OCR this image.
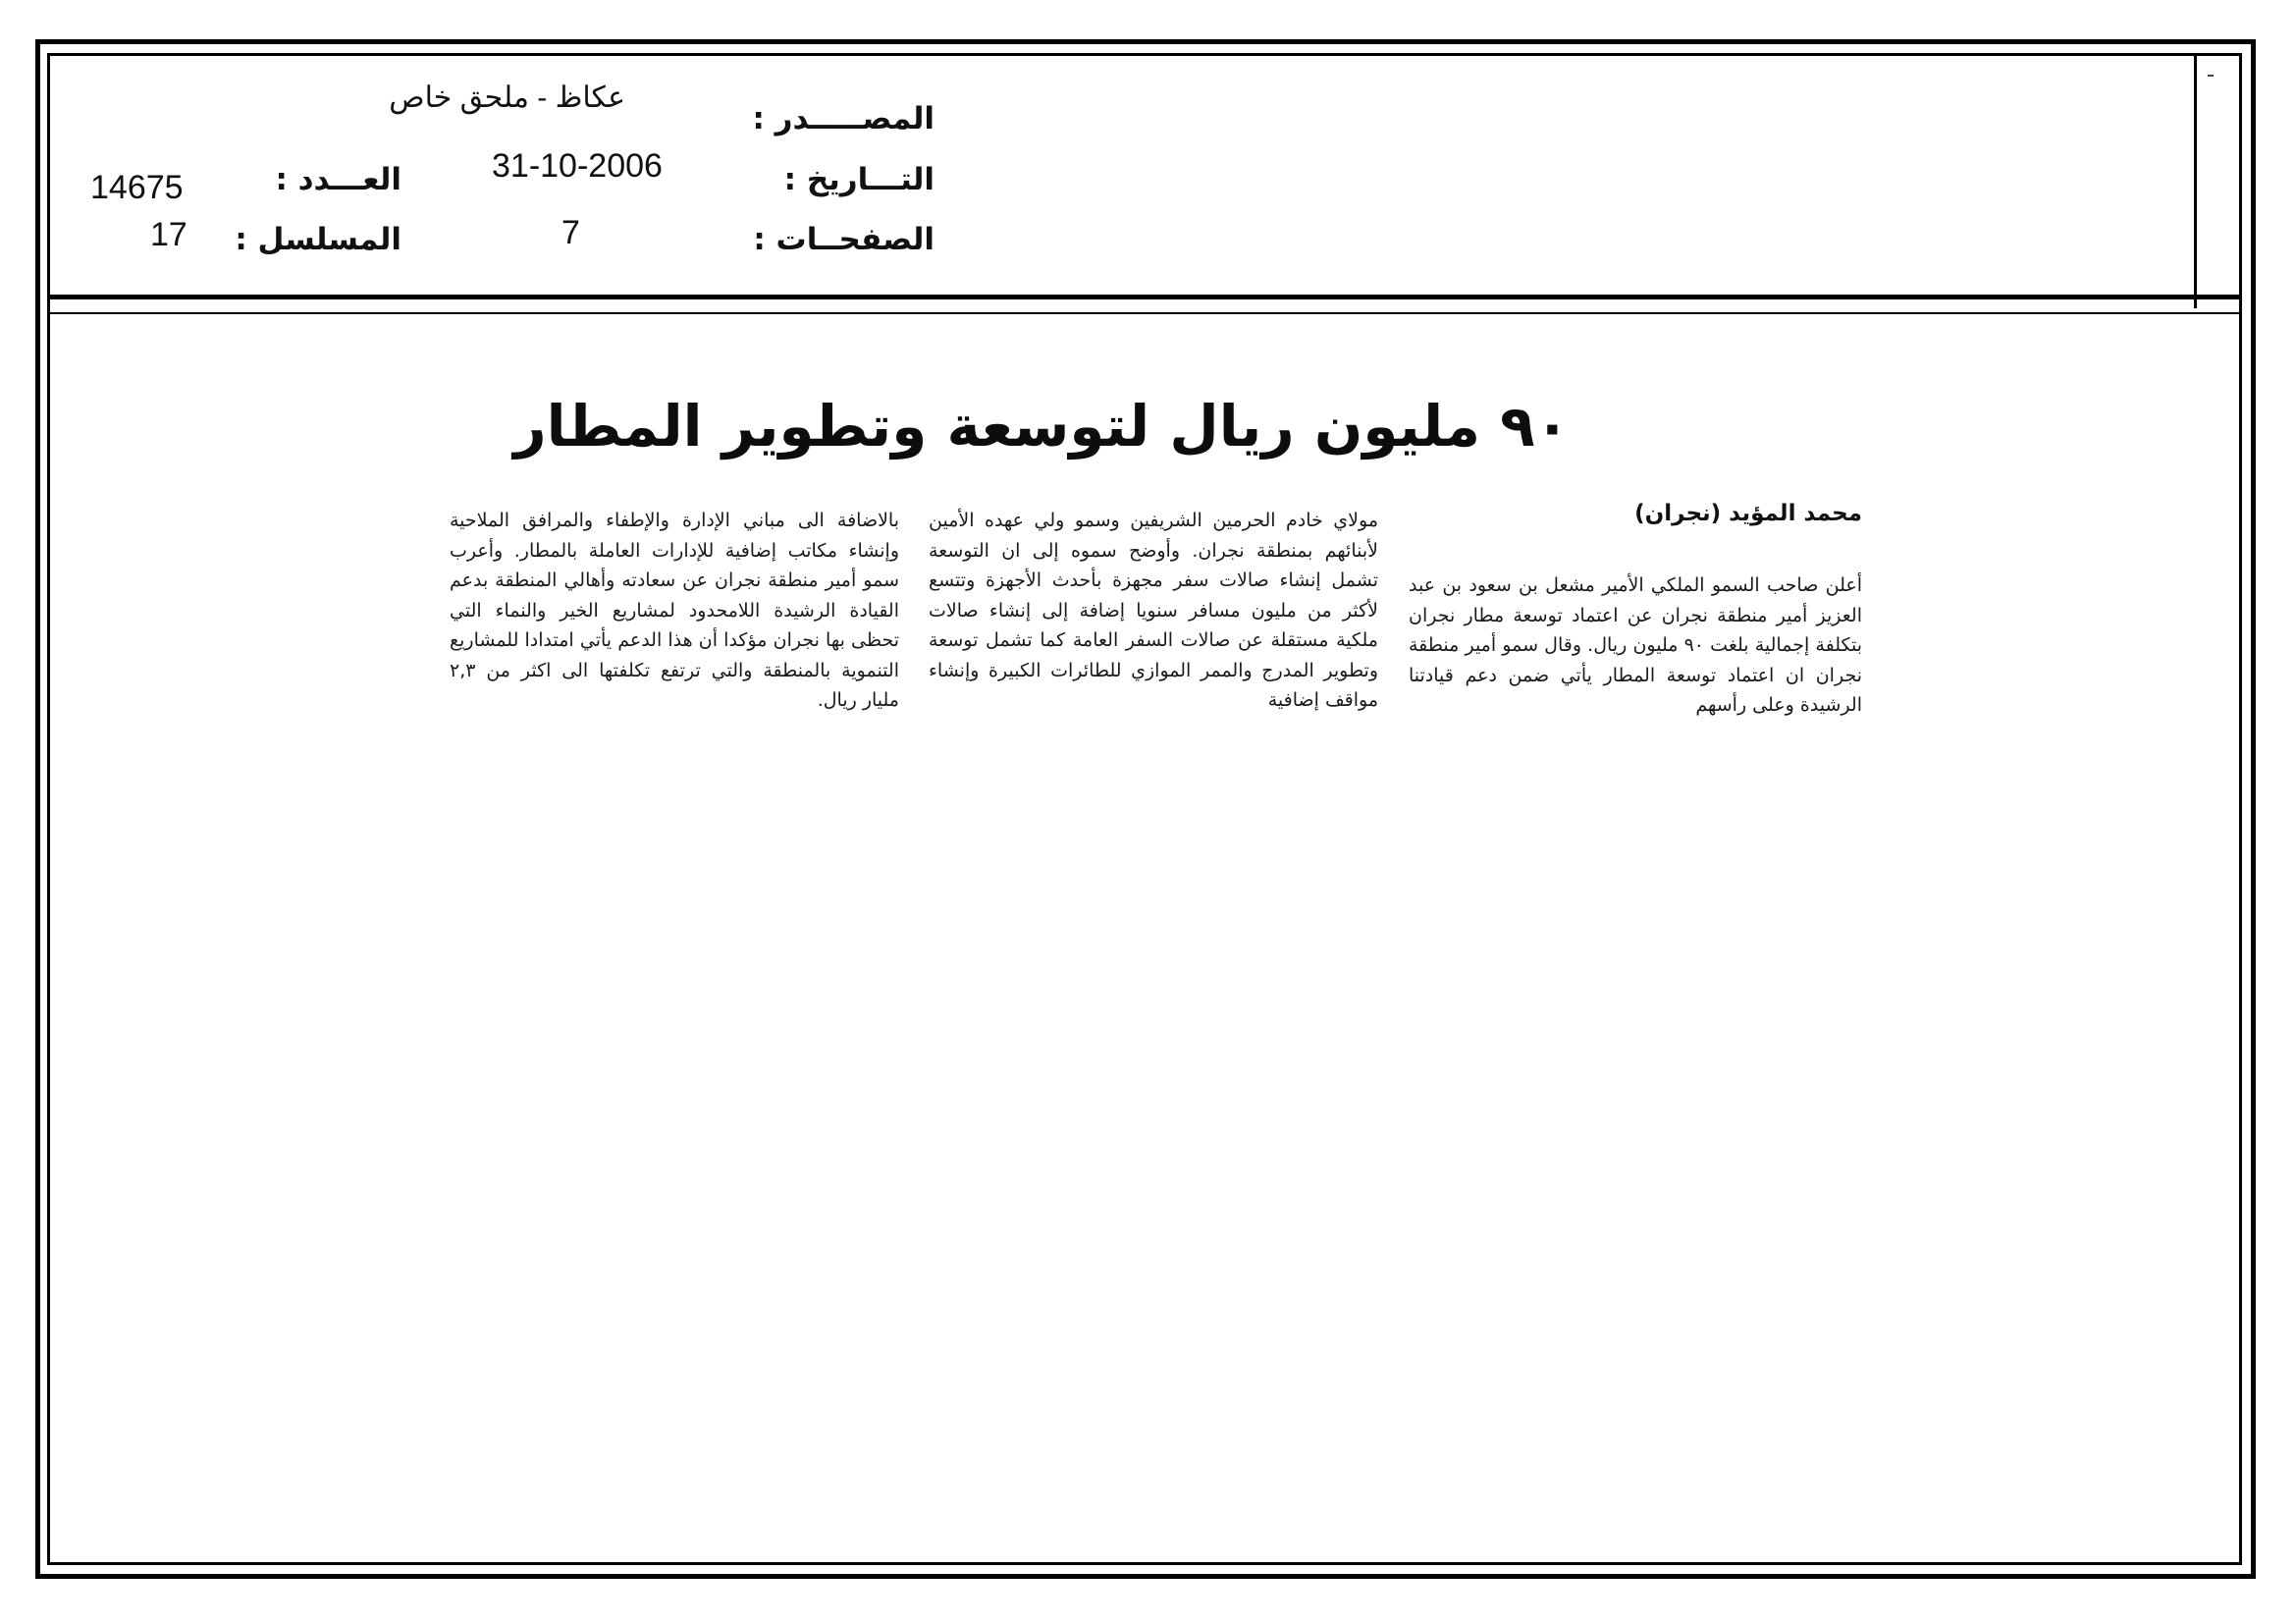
المصـــــدر :
عكاظ - ملحق خاص
التـــاريخ :
31-10-2006
الصفحــات :
7
العـــدد :
14675
المسلسل :
17
٩٠ مليون ريال لتوسعة وتطوير المطار
محمد المؤيد (نجران)

أعلن صاحب السمو الملكي الأمير مشعل بن سعود بن عبد العزيز أمير منطقة نجران عن اعتماد توسعة مطار نجران بتكلفة إجمالية بلغت ٩٠ مليون ريال. وقال سمو أمير منطقة نجران ان اعتماد توسعة المطار يأتي ضمن دعم قيادتنا الرشيدة وعلى رأسهم

مولاي خادم الحرمين الشريفين وسمو ولي عهده الأمين لأبنائهم بمنطقة نجران. وأوضح سموه إلى ان التوسعة تشمل إنشاء صالات سفر مجهزة بأحدث الأجهزة وتتسع لأكثر من مليون مسافر سنويا إضافة إلى إنشاء صالات ملكية مستقلة عن صالات السفر العامة كما تشمل توسعة وتطوير المدرج والممر الموازي للطائرات الكبيرة وإنشاء مواقف إضافية

بالاضافة الى مباني الإدارة والإطفاء والمرافق الملاحية وإنشاء مكاتب إضافية للإدارات العاملة بالمطار. وأعرب سمو أمير منطقة نجران عن سعادته وأهالي المنطقة بدعم القيادة الرشيدة اللامحدود لمشاريع الخير والنماء التي تحظى بها نجران مؤكدا أن هذا الدعم يأتي امتدادا للمشاريع التنموية بالمنطقة والتي ترتفع تكلفتها الى اكثر من ٢,٣ مليار ريال.
